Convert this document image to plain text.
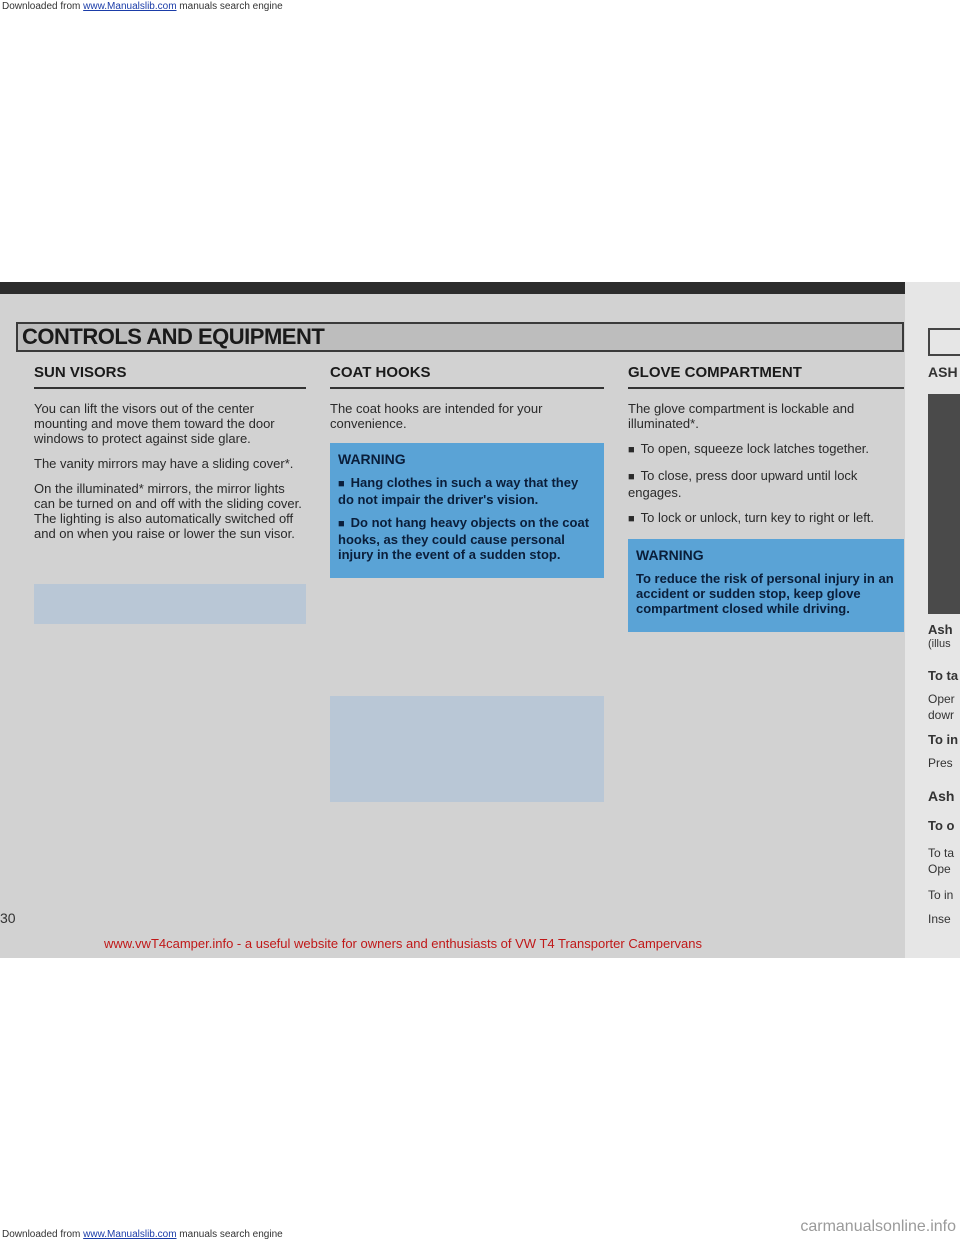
Downloaded from www.Manualslib.com manuals search engine
CONTROLS AND EQUIPMENT
SUN VISORS

You can lift the visors out of the center mounting and move them toward the door windows to protect against side glare.

The vanity mirrors may have a sliding cover*.

On the illuminated* mirrors, the mirror lights can be turned on and off with the sliding cover. The lighting is also automatically switched off and on when you raise or lower the sun visor.

COAT HOOKS

The coat hooks are intended for your convenience.

WARNING
■ Hang clothes in such a way that they do not impair the driver's vision.
■ Do not hang heavy objects on the coat hooks, as they could cause personal injury in the event of a sudden stop.
GLOVE COMPARTMENT

The glove compartment is lockable and illuminated*.

■ To open, squeeze lock latches together.

■ To close, press door upward until lock engages.

■ To lock or unlock, turn key to right or left.

WARNING
To reduce the risk of personal injury in an accident or sudden stop, keep glove compartment closed while driving.
ASH
Ash
(illus
To ta
Oper
dowr
To in
Pres
Ash
To o
To ta
Ope
To in
Inse
30
www.vwT4camper.info - a useful website for owners and enthusiasts of VW T4 Transporter Campervans
carmanualsonline.info
Downloaded from www.Manualslib.com manuals search engine
